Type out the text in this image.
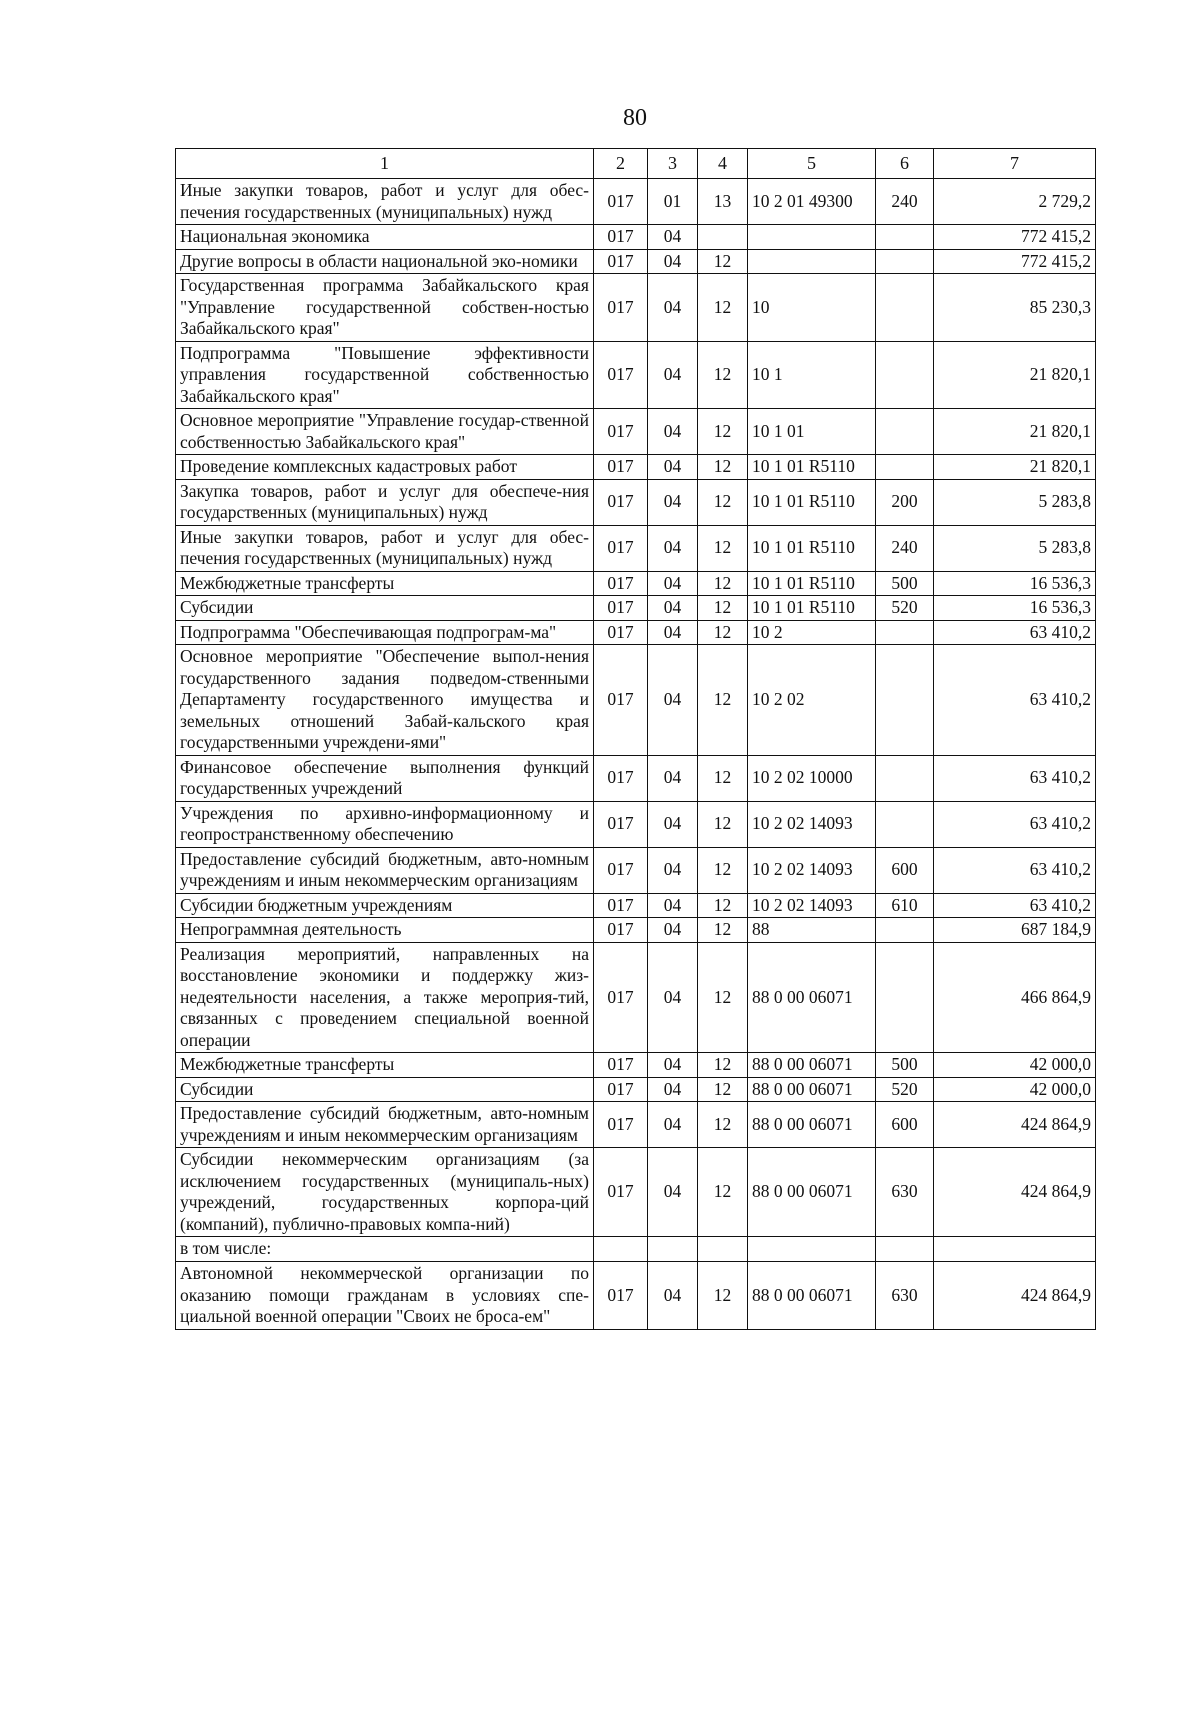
80
1	2	3	4	5	6	7
Иные закупки товаров, работ и услуг для обес-печения государственных (муниципальных) нужд	017	01	13	10 2 01 49300	240	2 729,2
Национальная экономика	017	04				772 415,2
Другие вопросы в области национальной эко-номики	017	04	12			772 415,2
Государственная программа Забайкальского края "Управление государственной собствен-ностью Забайкальского края"	017	04	12	10		85 230,3
Подпрограмма "Повышение эффективности управления государственной собственностью Забайкальского края"	017	04	12	10 1		21 820,1
Основное мероприятие "Управление государ-ственной собственностью Забайкальского края"	017	04	12	10 1 01		21 820,1
Проведение комплексных кадастровых работ	017	04	12	10 1 01 R5110		21 820,1
Закупка товаров, работ и услуг для обеспече-ния государственных (муниципальных) нужд	017	04	12	10 1 01 R5110	200	5 283,8
Иные закупки товаров, работ и услуг для обес-печения государственных (муниципальных) нужд	017	04	12	10 1 01 R5110	240	5 283,8
Межбюджетные трансферты	017	04	12	10 1 01 R5110	500	16 536,3
Субсидии	017	04	12	10 1 01 R5110	520	16 536,3
Подпрограмма "Обеспечивающая подпрограм-ма"	017	04	12	10 2		63 410,2
Основное мероприятие "Обеспечение выпол-нения государственного задания подведом-ственными Департаменту государственного имущества и земельных отношений Забай-кальского края государственными учреждени-ями"	017	04	12	10 2 02		63 410,2
Финансовое обеспечение выполнения функций государственных учреждений	017	04	12	10 2 02 10000		63 410,2
Учреждения по архивно-информационному и геопространственному обеспечению	017	04	12	10 2 02 14093		63 410,2
Предоставление субсидий бюджетным, авто-номным учреждениям и иным некоммерческим организациям	017	04	12	10 2 02 14093	600	63 410,2
Субсидии бюджетным учреждениям	017	04	12	10 2 02 14093	610	63 410,2
Непрограммная деятельность	017	04	12	88		687 184,9
Реализация мероприятий, направленных на восстановление экономики и поддержку жиз-недеятельности населения, а также мероприя-тий, связанных с проведением специальной военной операции	017	04	12	88 0 00 06071		466 864,9
Межбюджетные трансферты	017	04	12	88 0 00 06071	500	42 000,0
Субсидии	017	04	12	88 0 00 06071	520	42 000,0
Предоставление субсидий бюджетным, авто-номным учреждениям и иным некоммерческим организациям	017	04	12	88 0 00 06071	600	424 864,9
Субсидии некоммерческим организациям (за исключением государственных (муниципаль-ных) учреждений, государственных корпора-ций (компаний), публично-правовых компа-ний)	017	04	12	88 0 00 06071	630	424 864,9
в том числе:						
Автономной некоммерческой организации по оказанию помощи гражданам в условиях спе-циальной военной операции "Своих не броса-ем"	017	04	12	88 0 00 06071	630	424 864,9
